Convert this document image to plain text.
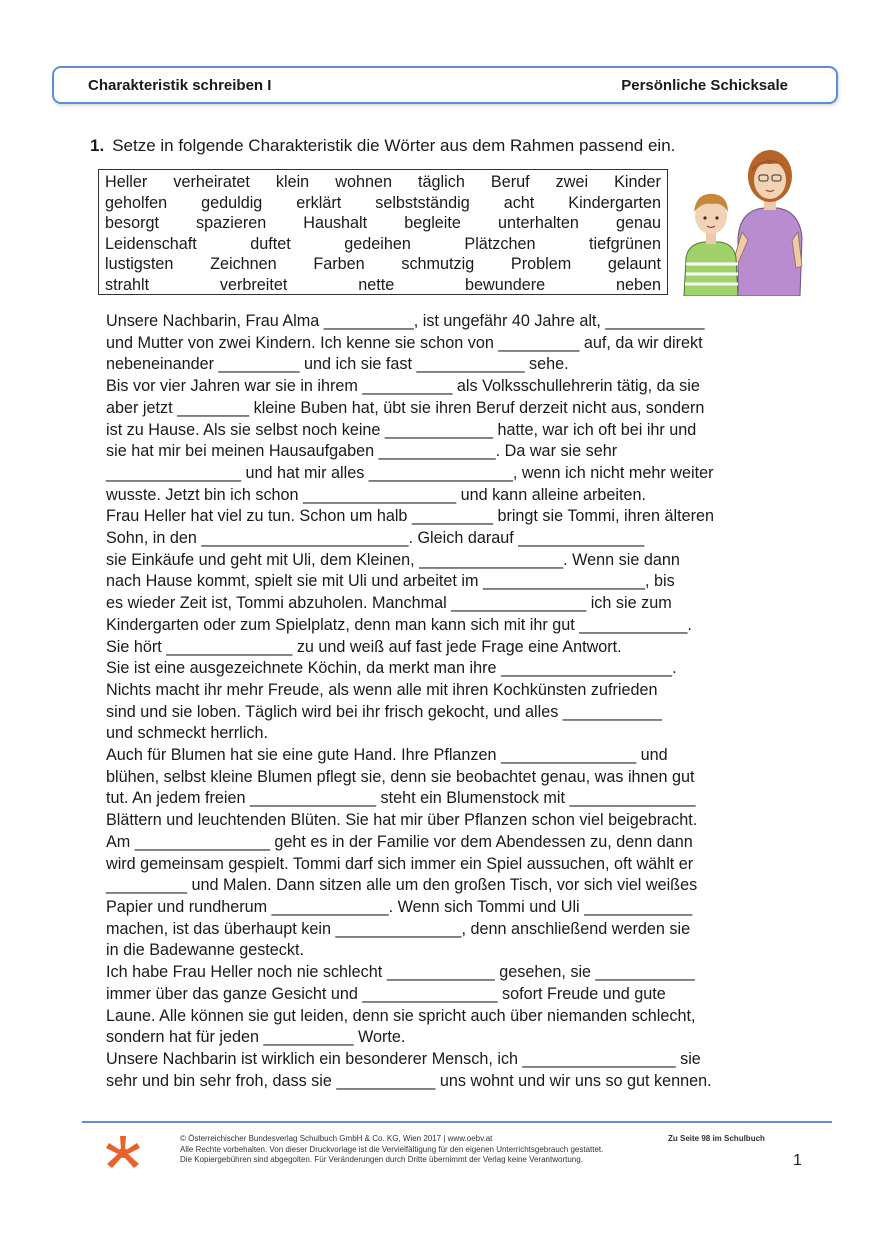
Charakteristik schreiben I	Persönliche Schicksale
1. Setze in folgende Charakteristik die Wörter aus dem Rahmen passend ein.
Heller verheiratet klein wohnen täglich Beruf zwei Kinder
geholfen geduldig erklärt selbstständig acht Kindergarten
besorgt spazieren Haushalt begleite unterhalten genau
Leidenschaft	duftet	gedeihen	Plätzchen	tiefgrünen
lustigsten Zeichnen Farben schmutzig Problem gelaunt
strahlt	verbreitet	nette	bewundere	neben
Unsere Nachbarin, Frau Alma __________, ist ungefähr 40 Jahre alt, ___________
und Mutter von zwei Kindern. Ich kenne sie schon von _________ auf, da wir direkt
nebeneinander _________ und ich sie fast ____________ sehe.
Bis vor vier Jahren war sie in ihrem __________ als Volksschullehrerin tätig, da sie
aber jetzt ________ kleine Buben hat, übt sie ihren Beruf derzeit nicht aus, sondern
ist zu Hause. Als sie selbst noch keine ____________ hatte, war ich oft bei ihr und
sie hat mir bei meinen Hausaufgaben _____________. Da war sie sehr
_______________ und hat mir alles ________________, wenn ich nicht mehr weiter
wusste. Jetzt bin ich schon _________________ und kann alleine arbeiten.
Frau Heller hat viel zu tun. Schon um halb _________ bringt sie Tommi, ihren älteren
Sohn, in den _______________________. Gleich darauf ______________
sie Einkäufe und geht mit Uli, dem Kleinen, ________________. Wenn sie dann
nach Hause kommt, spielt sie mit Uli und arbeitet im __________________, bis
es wieder Zeit ist, Tommi abzuholen. Manchmal _______________ ich sie zum
Kindergarten oder zum Spielplatz, denn man kann sich mit ihr gut ____________.
Sie hört ______________ zu und weiß auf fast jede Frage eine Antwort.
Sie ist eine ausgezeichnete Köchin, da merkt man ihre ___________________.
Nichts macht ihr mehr Freude, als wenn alle mit ihren Kochkünsten zufrieden
sind und sie loben. Täglich wird bei ihr frisch gekocht, und alles ___________
und schmeckt herrlich.
Auch für Blumen hat sie eine gute Hand. Ihre Pflanzen _______________ und
blühen, selbst kleine Blumen pflegt sie, denn sie beobachtet genau, was ihnen gut
tut. An jedem freien ______________ steht ein Blumenstock mit ______________
Blättern und leuchtenden Blüten. Sie hat mir über Pflanzen schon viel beigebracht.
Am _______________ geht es in der Familie vor dem Abendessen zu, denn dann
wird gemeinsam gespielt. Tommi darf sich immer ein Spiel aussuchen, oft wählt er
_________ und Malen. Dann sitzen alle um den großen Tisch, vor sich viel weißes
Papier und rundherum _____________. Wenn sich Tommi und Uli ____________
machen, ist das überhaupt kein ______________, denn anschließend werden sie
in die Badewanne gesteckt.
Ich habe Frau Heller noch nie schlecht ____________ gesehen, sie ___________
immer über das ganze Gesicht und _______________ sofort Freude und gute
Laune. Alle können sie gut leiden, denn sie spricht auch über niemanden schlecht,
sondern hat für jeden __________ Worte.
Unsere Nachbarin ist wirklich ein besonderer Mensch, ich _________________ sie
sehr und bin sehr froh, dass sie ___________ uns wohnt und wir uns so gut kennen.
© Österreichischer Bundesverlag Schulbuch GmbH & Co. KG, Wien 2017 | www.oebv.at
Alle Rechte vorbehalten. Von dieser Druckvorlage ist die Vervielfältigung für den eigenen Unterrichtsgebrauch gestattet.
Die Kopiergebühren sind abgegolten. Für Veränderungen durch Dritte übernimmt der Verlag keine Verantwortung.
Zu Seite 98 im Schulbuch
1
